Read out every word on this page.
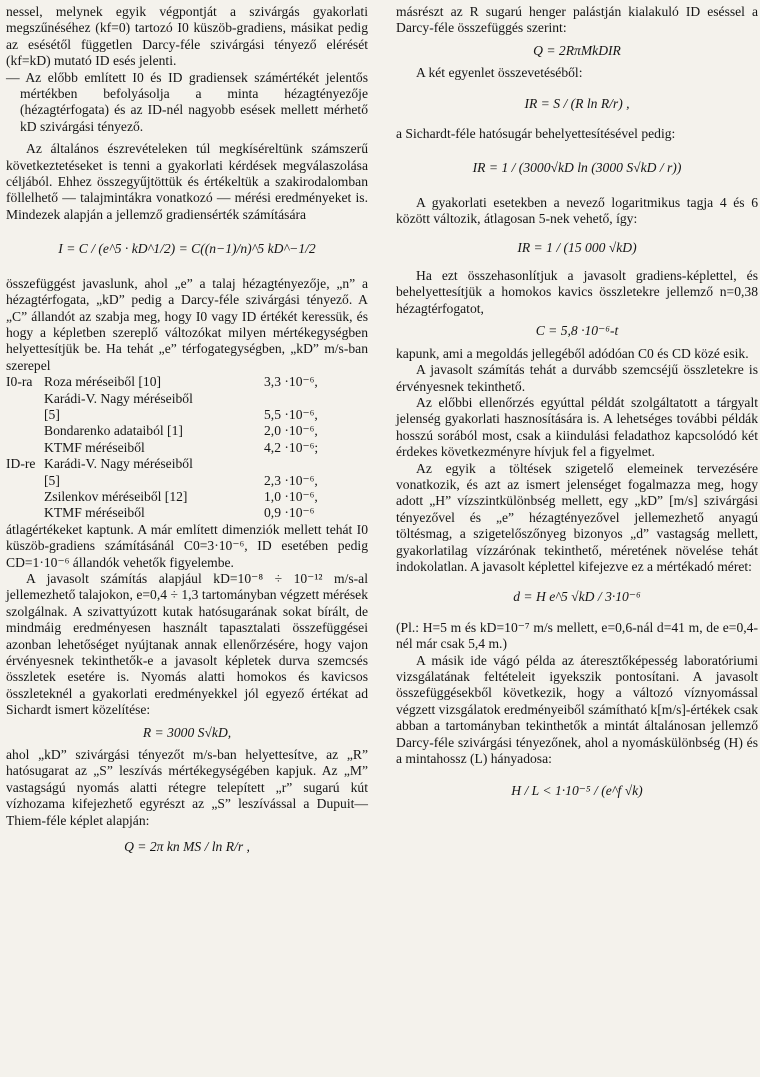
nessel, melynek egyik végpontját a szivárgás gyakorlati megszűnéséhez (kf=0) tartozó I0 küszöb-gradiens, másikat pedig az esésétől független Darcy-féle szivárgási tényező elérését (kf=kD) mutató ID esés jelenti.

— Az előbb említett I0 és ID gradiensek számértékét jelentős mértékben befolyásolja a minta hézagtényezője (hézagtérfogata) és az ID-nél nagyobb esések mellett mérhető kD szivárgási tényező.

Az általános észrevételeken túl megkíséreltünk számszerű következtetéseket is tenni a gyakorlati kérdések megválaszolása céljából. Ehhez összegyűjtöttük és értékeltük a szakirodalomban föllelhető — talajmintákra vonatkozó — mérési eredményeket is. Mindezek alapján a jellemző gradiensérték számítására

I = C / (e^5 · kD^1/2) = C((n−1)/n)^5 kD^−1/2

összefüggést javaslunk, ahol „e” a talaj hézagtényezője, „n” a hézagtérfogata, „kD” pedig a Darcy-féle szivárgási tényező. A „C” állandót az szabja meg, hogy I0 vagy ID értékét keressük, és hogy a képletben szereplő változókat milyen mértékegységben helyettesítjük be. Ha tehát „e” térfogategységben, „kD” m/s-ban szerepel

I0-ra Roza méréseiből [10]	3,3 ·10⁻⁶,
Karádi-V. Nagy méréseiből
[5]	5,5 ·10⁻⁶,
Bondarenko adataiból [1]	2,0 ·10⁻⁶,
KTMF méréseiből	4,2 ·10⁻⁶;
ID-re Karádi-V. Nagy méréseiből
[5]	2,3 ·10⁻⁶,
Zsilenkov méréseiből [12]	1,0 ·10⁻⁶,
KTMF méréseiből	0,9 ·10⁻⁶

átlagértékeket kaptunk. A már említett dimenziók mellett tehát I0 küszöb-gradiens számításánál C0=3·10⁻⁶, ID esetében pedig CD=1·10⁻⁶ állandók vehetők figyelembe.

A javasolt számítás alapjául kD=10⁻⁸ ÷ 10⁻¹² m/s-al jellemezhető talajokon, e=0,4 ÷ 1,3 tartományban végzett mérések szolgálnak. A szivattyúzott kutak hatósugarának sokat bírált, de mindmáig eredményesen használt tapasztalati összefüggései azonban lehetőséget nyújtanak annak ellenőrzésére, hogy vajon érvényesnek tekinthetők-e a javasolt képletek durva szemcsés összletek esetére is. Nyomás alatti homokos és kavicsos összleteknél a gyakorlati eredményekkel jól egyező értékat ad Sichardt ismert közelítése:

R = 3000 S√kD,

ahol „kD” szivárgási tényezőt m/s-ban helyettesítve, az „R” hatósugarat az „S” leszívás mértékegységében kapjuk. Az „M” vastagságú nyomás alatti rétegre telepített „r” sugarú kút vízhozama kifejezhető egyrészt az „S” leszívással a Dupuit—Thiem-féle képlet alapján:

Q = 2π kn MS / ln R/r ,

másrészt az R sugarú henger palástján kialakuló ID eséssel a Darcy-féle összefüggés szerint:

Q = 2RπMkDIR

A két egyenlet összevetéséből:

IR = S / (R ln R/r) ,

a Sichardt-féle hatósugár behelyettesítésével pedig:

IR = 1 / (3000√kD ln (3000 S√kD / r))

A gyakorlati esetekben a nevező logaritmikus tagja 4 és 6 között változik, átlagosan 5-nek vehető, így:

IR = 1 / (15 000 √kD)

Ha ezt összehasonlítjuk a javasolt gradiens-képlettel, és behelyettesítjük a homokos kavics összletekre jellemző n=0,38 hézagtérfogatot,

C = 5,8 ·10⁻⁶-t

kapunk, ami a megoldás jellegéből adódóan C0 és CD közé esik.

A javasolt számítás tehát a durvább szemcséjű összletekre is érvényesnek tekinthető.

Az előbbi ellenőrzés egyúttal példát szolgáltatott a tárgyalt jelenség gyakorlati hasznosítására is. A lehetséges további példák hosszú sorából most, csak a kiindulási feladathoz kapcsolódó két érdekes következményre hívjuk fel a figyelmet.

Az egyik a töltések szigetelő elemeinek tervezésére vonatkozik, és azt az ismert jelenséget fogalmazza meg, hogy adott „H” vízszintkülönbség mellett, egy „kD” [m/s] szivárgási tényezővel és „e” hézagtényezővel jellemezhető anyagú töltésmag, a szigetelőszőnyeg bizonyos „d” vastagság mellett, gyakorlatilag vízzárónak tekinthető, méretének növelése tehát indokolatlan. A javasolt képlettel kifejezve ez a mértékadó méret:

d = H e^5 √kD / 3·10⁻⁶

(Pl.: H=5 m és kD=10⁻⁷ m/s mellett, e=0,6-nál d=41 m, de e=0,4-nél már csak 5,4 m.)

A másik ide vágó példa az áteresztőképesség laboratóriumi vizsgálatának feltételeit igyekszik pontosítani. A javasolt összefüggésekből következik, hogy a változó víznyomással végzett vizsgálatok eredményeiből számítható k[m/s]-értékek csak abban a tartományban tekinthetők a mintát általánosan jellemző Darcy-féle szivárgási tényezőnek, ahol a nyomáskülönbség (H) és a mintahossz (L) hányadosa:

H / L < 1·10⁻⁵ / (e^f √k)
